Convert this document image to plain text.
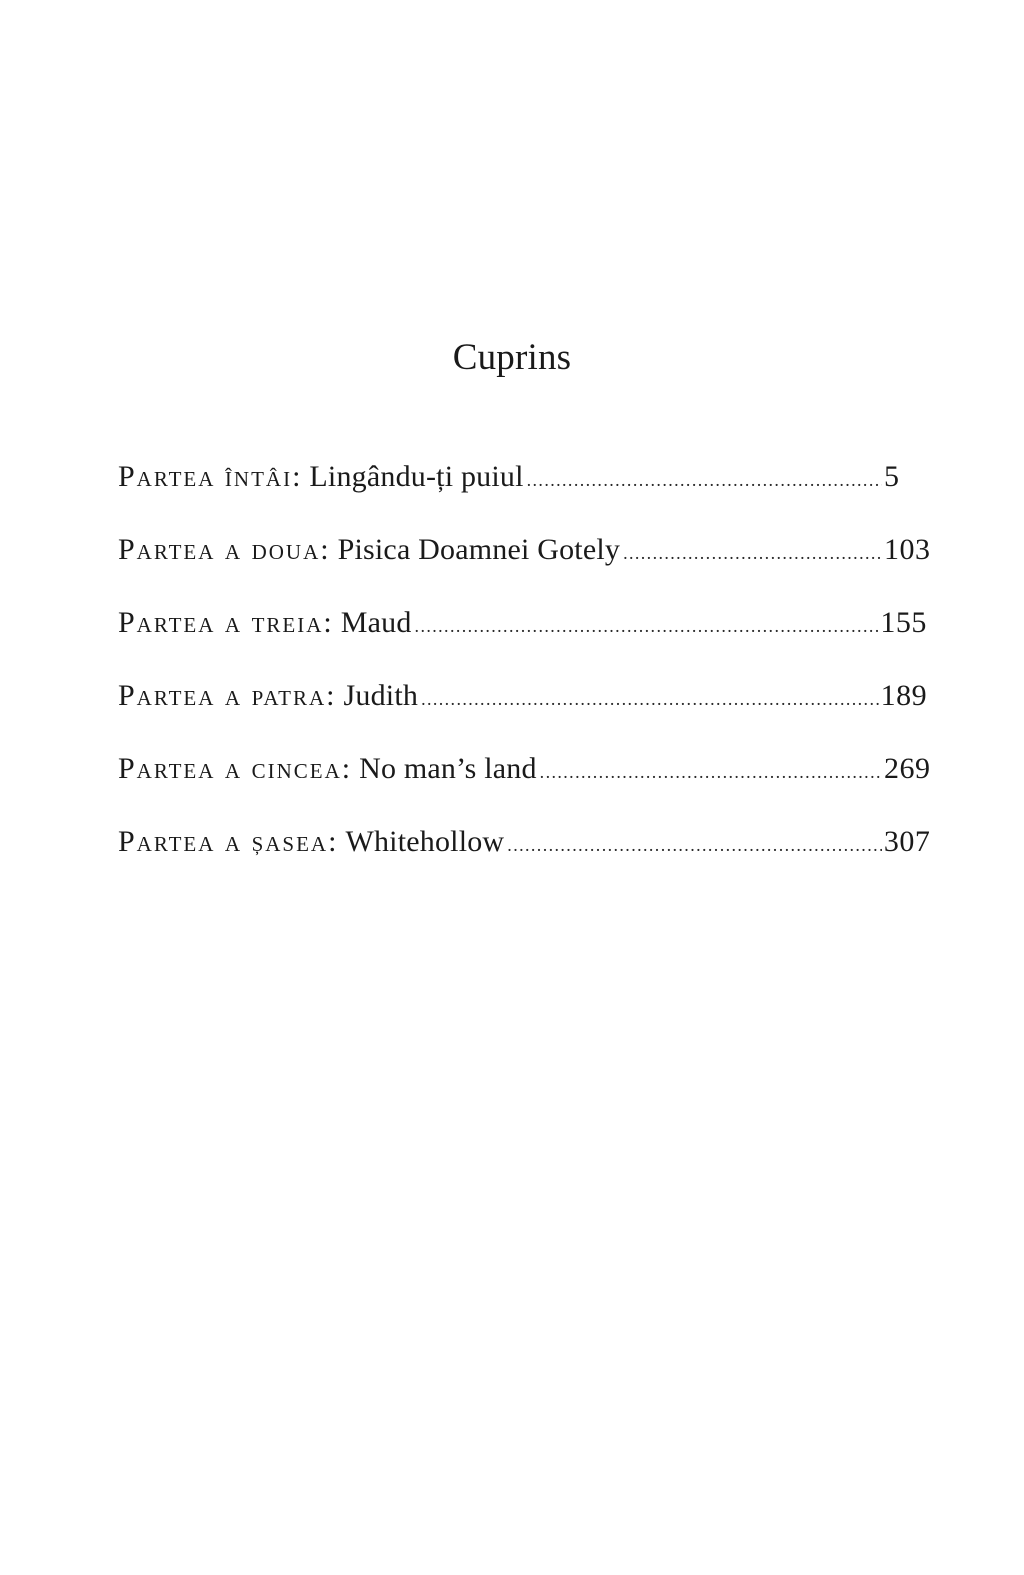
Cuprins
Partea întâi : Lingându-ți puiul .....	5
Partea a doua : Pisica Doamnei Gotely .....	103
Partea a treia : Maud .....	155
Partea a patra : Judith .....	189
Partea a cincea : No man’s land .....	269
Partea a șasea : Whitehollow .....	307
